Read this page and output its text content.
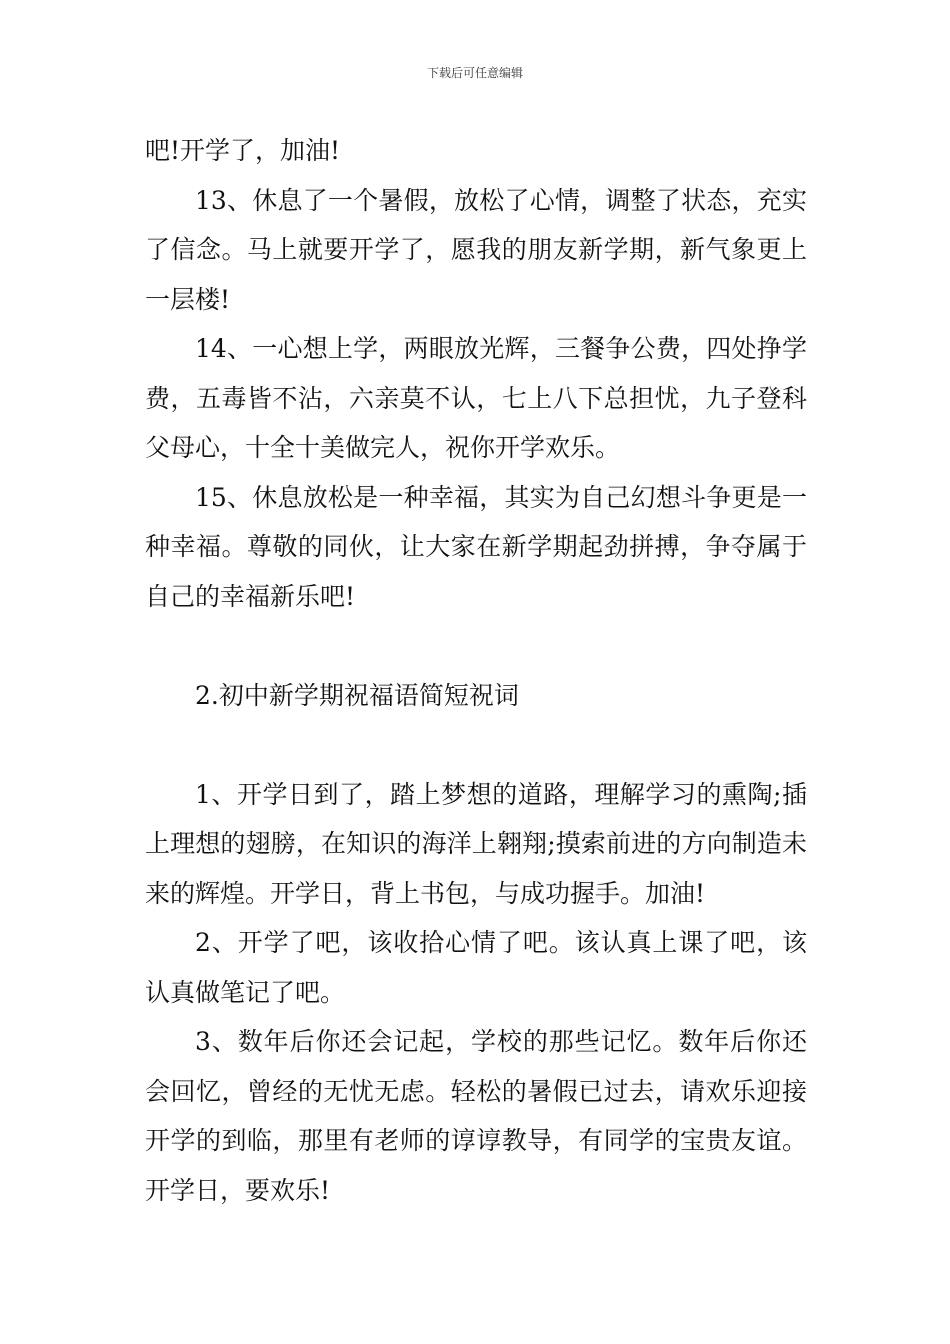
下载后可任意编辑

吧!开学了，加油!

13、休息了一个暑假，放松了心情，调整了状态，充实了信念。马上就要开学了，愿我的朋友新学期，新气象更上一层楼!

14、一心想上学，两眼放光辉，三餐争公费，四处挣学费，五毒皆不沾，六亲莫不认，七上八下总担忧，九子登科父母心，十全十美做完人，祝你开学欢乐。

15、休息放松是一种幸福，其实为自己幻想斗争更是一种幸福。尊敬的同伙，让大家在新学期起劲拼搏，争夺属于自己的幸福新乐吧!

2.初中新学期祝福语简短祝词

1、开学日到了，踏上梦想的道路，理解学习的熏陶;插上理想的翅膀，在知识的海洋上翱翔;摸索前进的方向制造未来的辉煌。开学日，背上书包，与成功握手。加油!

2、开学了吧，该收拾心情了吧。该认真上课了吧，该认真做笔记了吧。

3、数年后你还会记起，学校的那些记忆。数年后你还会回忆，曾经的无忧无虑。轻松的暑假已过去，请欢乐迎接开学的到临，那里有老师的谆谆教导，有同学的宝贵友谊。开学日，要欢乐!
